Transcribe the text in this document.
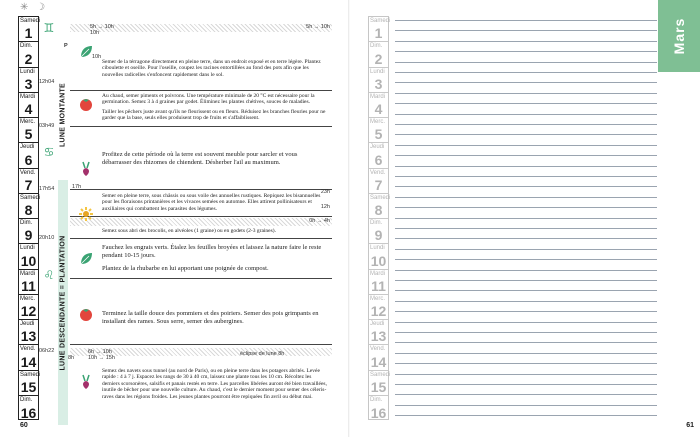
✳ ☽
Samedi
1
Dim.
2
Lundi
3
Mardi
4
Merc.
5
Jeudi
6
Vend.
7
Samedi
8
Dim.
9
Lundi
10
Mardi
11
Merc.
12
Jeudi
13
Vend.
14
Samedi
15
Dim.
16
♊
♋
♌
12h04
03h49
17h54
20h10
06h22
LUNE MONTANTE
LUNE DESCENDANTE = PLANTATION
5h → 10h
10h
5h → 10h
P
10h
Semer de la térragone directement en pleine terre, dans un endroit exposé et en terre légère. Plantez ciboulette et oseille. Pour l'oseille, coupez les racines entortillées au fond des pots afin que les nouvelles radicelles s'enfoncent rapidement dans le sol.
Au chaud, semer piments et poivrons. Une température minimale de 20 °C est nécessaire pour la germination. Semez 3 à 4 graines par godet. Éliminez les plantes chétives, souces de maladies.
Tailler les pêchers juste avant qu'ils ne fleurissent ou en fleurs. Réduisez les branches fleuries pour ne garder que la base, seuls elles produisent trop de fruits et s'affaiblissent.
Profitez de cette période où la terre est souvent meuble pour sarcler et vous débarrasser des rhizomes de chiendent. Désherber l'ail au maximum.
17h
23h
12h
Semer en pleine terre, sous châssis ou sous voile des annuelles rustiques. Repiquez les bisannuelles pour les floraisons printanières et les vivaces semées en automne. Elles attirent pollinisateurs et auxiliaires qui combattent les parasites des légumes.
0h → 4h
Semez sous abri des brocolis, en alvéoles (1 graine) ou en godets (2-3 graines).
Fauchez les engrais verts. Étalez les feuilles broyées et laissez la nature faire le reste pendant 10-15 jours.
Plantez de la rhubarbe en lui apportant une poignée de compost.
Terminez la taille douce des pommiers et des poiriers. Semer des pois grimpants en installant des rames. Sous serre, semer des aubergines.
6h → 10h
10h → 15h
éclipse de lune 8h
8h
Semez des navets sous tunnel (au nord de Paris), ou en pleine terre dans les potagers abrités. Levée rapide : 4 à 7 j. Espacez les rangs de 30 à 40 cm, laissez une plante tous les 10 cm. Récoltez les derniers scorsonères, salsifis et panais restés en terre. Les parcelles libérées auront été bien travaillées, inutile de bêcher pour une nouvelle culture. Au chaud, c'est le dernier moment pour semer des céleris-raves dans les régions froides. Les jeunes plantes pourront être repiquées fin avril ou début mai.
60
Samedi
1
Dim.
2
Lundi
3
Mardi
4
Merc.
5
Jeudi
6
Vend.
7
Samedi
8
Dim.
9
Lundi
10
Mardi
11
Merc.
12
Jeudi
13
Vend.
14
Samedi
15
Dim.
16
Mars
61
